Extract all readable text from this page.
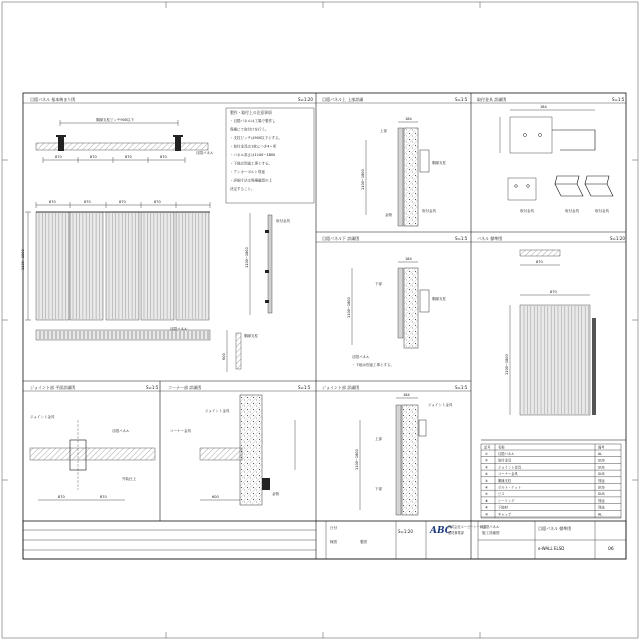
目隠パネル 基本納まり図	S=1:20 目隠パネル上 上部詳細	S=1:5 取付金具 詳細図	S=1:5
目隠パネル下 詳細図	S=1:5 パネル 標準図	S=1:20
ジョイント部 平面詳細図	S=1:5 コーナー部 詳細図	S=1:5	ジョイント部 詳細図	S=1:5
胴縁支柱ピッチ900以下
870	870	870	870
目隠パネル
870	870	870	870
1100~1800
目隠パネル
1100~1800
取付金具
600
胴縁支柱
製作・取付上の注意事項
・目隠パネルは工場で製作し
現場にて取付けを行う。
・支柱ピッチは900以下とする。
・取付金具は1枚につき4ヶ所
・パネル高さは1100~1800
・下地は別途工事とする。
・アンカーボルト別途
・詳細寸法は現場確認の上
決定すること。
184
1100~1800
上部
胴縁支柱
取付金具
金物
184
取付金具	取付金具	取付金具
184
1100~1800
下部
胴縁支柱
目隠パネル
・下地は別途工事とする。
870
870
1100~1800
記号 名称	備考
①	目隠パネル	AL
②	取付金具	SUS
③	ジョイント金具	SUS
④	コーナー金具	SUS
⑤	胴縁支柱	別途
⑥	ボルト・ナット	SUS
⑦	ビス	SUS
⑧	シーリング	別途
⑨	下地材	別途
⑩	キャップ	AL
ジョイント金具
目隠パネル
外装仕上
870	870
コーナー金具
ジョイント金具
金物
600
184
1100~1800
ジョイント金具
上部
下部
日付
検図	製図
S=1:20 ABC
株式会社エービーシー商会
建材事業部
目隠パネル
施工詳細図
目隠パネル 標準図
e-WALL ELSD	06
